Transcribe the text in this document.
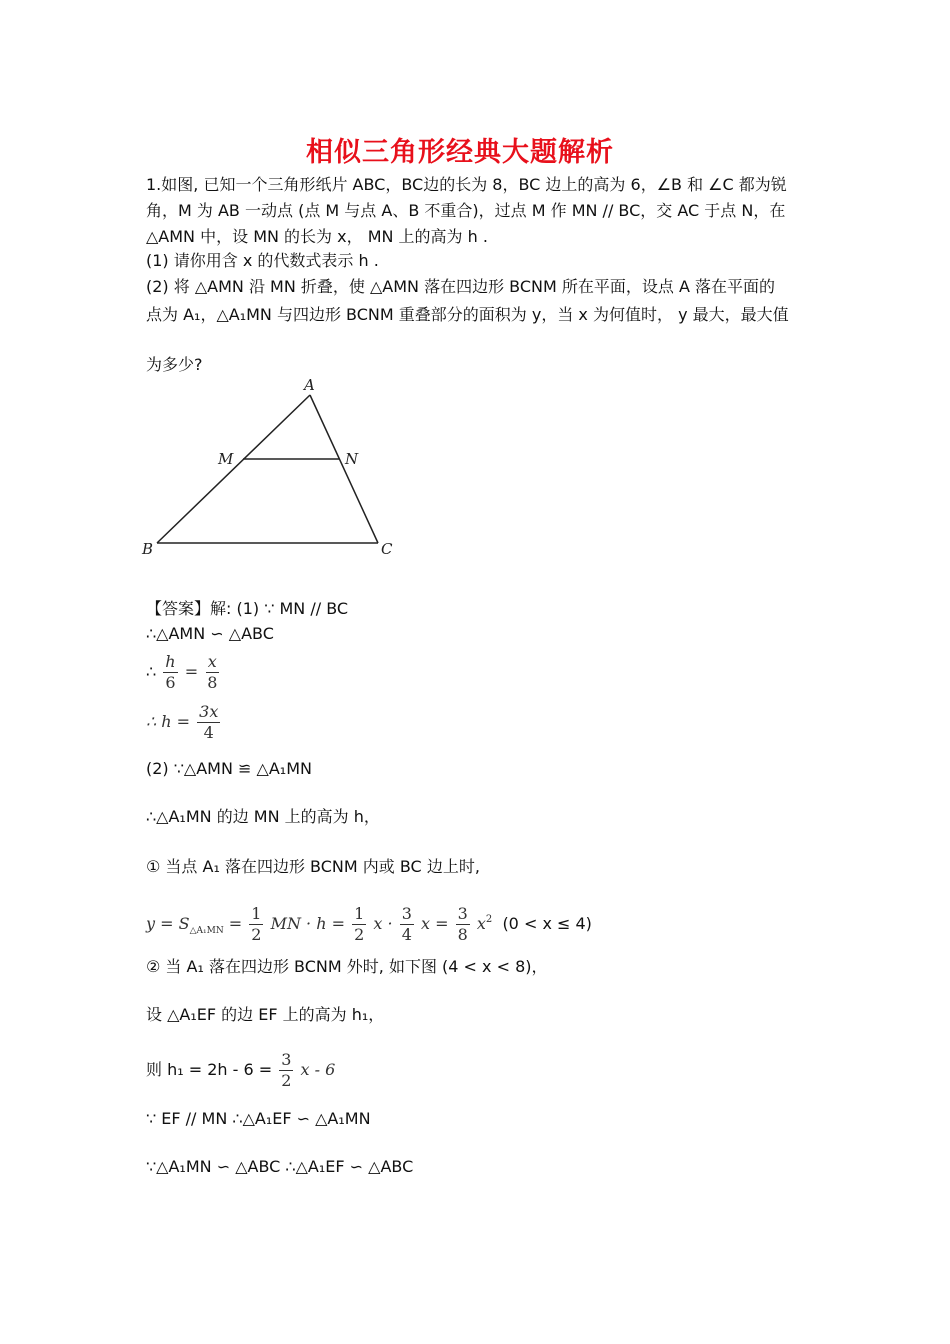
相似三角形经典大题解析
1.如图, 已知一个三角形纸片 ABC，BC边的长为 8，BC 边上的高为 6，∠B 和 ∠C 都为锐
角，M 为 AB 一动点 (点 M 与点 A、B 不重合)，过点 M 作 MN // BC，交 AC 于点 N，在
△AMN 中，设 MN 的长为 x， MN 上的高为 h .
(1) 请你用含 x 的代数式表示 h .
(2) 将 △AMN 沿 MN 折叠，使 △AMN 落在四边形 BCNM 所在平面，设点 A 落在平面的
点为 A₁，△A₁MN 与四边形 BCNM 重叠部分的面积为 y，当 x 为何值时， y 最大，最大值
为多少?
A
M	N
B	C
【答案】解: (1) ∵ MN // BC
∴△AMN ∽ △ABC
∴ $\frac{h}{6} = \frac{x}{8}$
∴ $h = \frac{3x}{4}$
(2) ∵△AMN ≌ △A₁MN
∴△A₁MN 的边 MN 上的高为 h，
① 当点 A₁ 落在四边形 BCNM 内或 BC 边上时,
$y = S_{\triangle A_1MN} = \frac{1}{2}$ MN · $h = \frac{1}{2}$ $x \cdot \frac{3}{4}$ $x = \frac{3}{8} x^2$ (0 < x ≤ 4)
② 当 A₁ 落在四边形 BCNM 外时, 如下图 (4 < x < 8)，
设 △A₁EF 的边 EF 上的高为 h₁，
则 $h_1 = 2h - 6 = \frac{3}{2}$ x - 6
∵ EF // MN ∴△A₁EF ∽ △A₁MN
∵△A₁MN ∽ △ABC ∴△A₁EF ∽ △ABC
